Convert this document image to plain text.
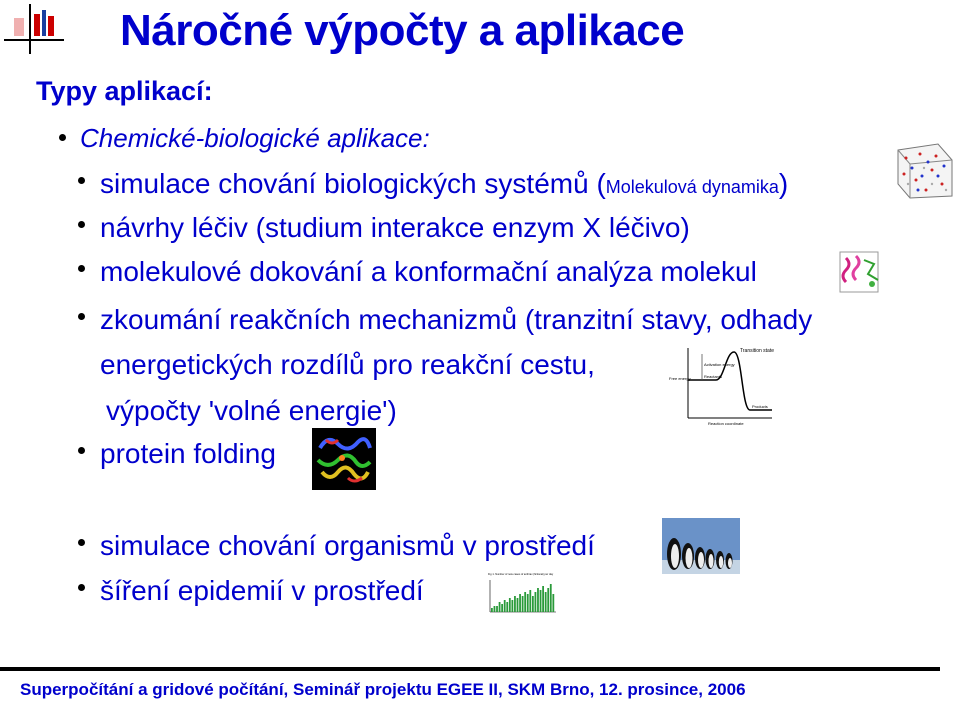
Náročné výpočty a aplikace
Typy aplikací:
Chemické-biologické aplikace:
simulace chování biologických systémů (Molekulová dynamika)
návrhy léčiv (studium interakce enzym X léčivo)
molekulové dokování a konformační analýza molekul
zkoumání reakčních mechanizmů (tranzitní stavy, odhady
energetických rozdílů pro reakční cestu,
výpočty 'volné energie')
protein folding
simulace chování organismů v prostředí
šíření epidemií v prostředí
Transition state
Activation energy
Reactants
Free energy
Products
Reaction coordinate
Fig 1. Number of new cases of anthrax (fictional) per day
Superpočítání a gridové počítání, Seminář projektu EGEE II, SKM Brno, 12. prosince, 2006
